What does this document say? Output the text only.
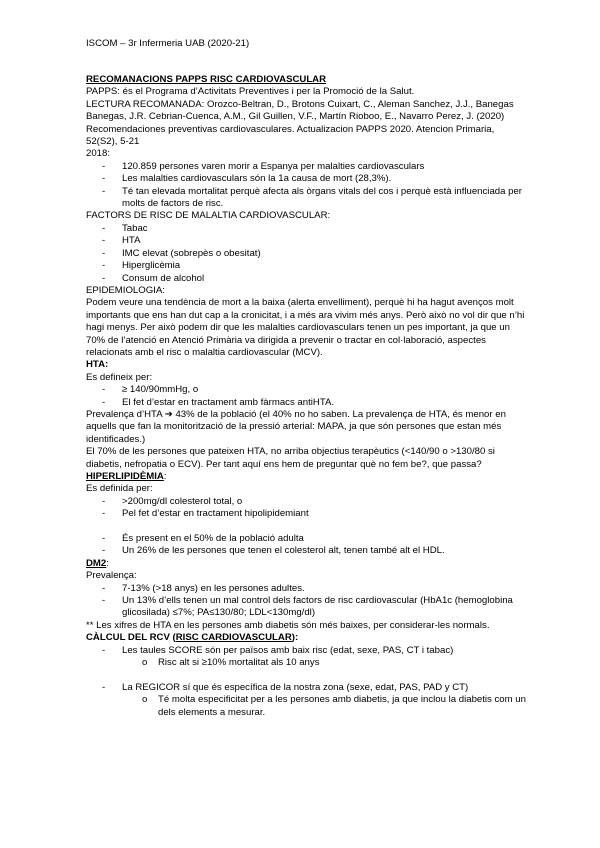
ISCOM – 3r Infermeria UAB (2020-21)

RECOMANACIONS PAPPS RISC CARDIOVASCULAR

PAPPS: és el Programa d’Activitats Preventives i per la Promoció de la Salut.

LECTURA RECOMANADA: Orozco-Beltran, D., Brotons Cuixart, C., Aleman Sanchez, J.J., Banegas Banegas, J.R. Cebrian-Cuenca, A.M., Gil Guillen, V.F., Martín Rioboo, E., Navarro Perez, J. (2020) Recomendaciones preventivas cardiovasculares. Actualizacion PAPPS 2020. Atencion Primaria, 52(S2), 5-21

2018:

- 120.859 persones varen morir a Espanya per malalties cardiovasculars
- Les malalties cardiovasculars són la 1a causa de mort (28,3%).
- Té tan elevada mortalitat perquè afecta als òrgans vitals del cos i perquè està influenciada per molts de factors de risc.

FACTORS DE RISC DE MALALTIA CARDIOVASCULAR:

- Tabac
- HTA
- IMC elevat (sobrepès o obesitat)
- Hiperglicèmia
- Consum de alcohol

EPIDEMIOLOGIA:

Podem veure una tendència de mort a la baixa (alerta envelliment), perquè hi ha hagut avenços molt importants que ens han dut cap a la cronicitat, i a més ara vivim més anys. Però això no vol dir que n’hi hagi menys. Per això podem dir que les malalties cardiovasculars tenen un pes important, ja que un 70% de l’atenció en Atenció Primària va dirigida a prevenir o tractar en col·laboració, aspectes relacionats amb el risc o malaltia cardiovascular (MCV).

HTA:

Es defineix per:

- ≥ 140/90mmHg, o
- El fet d’estar en tractament amb fàrmacs antiHTA.

Prevalença d’HTA ➔ 43% de la població (el 40% no ho saben. La prevalença de HTA, és menor en aquells que fan la monitorització de la pressió arterial: MAPA, ja que són persones que estan més identificades.)

El 70% de les persones que pateixen HTA, no arriba objectius terapèutics (<140/90 o >130/80 si diabetis, nefropatia o ECV). Per tant aquí ens hem de preguntar què no fem be?, que passa?

HIPERLIPIDÈMIA:

Es definida per:

- >200mg/dl colesterol total, o
- Pel fet d’estar en tractament hipolipidemiant
- És present en el 50% de la població adulta
- Un 26% de les persones que tenen el colesterol alt, tenen també alt el HDL.

DM2:

Prevalença:

- 7-13% (>18 anys) en les persones adultes.
- Un 13% d’ells tenen un mal control dels factors de risc cardiovascular (HbA1c (hemoglobina glicosilada) ≤7%; PA≤130/80; LDL<130mg/dl)

** Les xifres de HTA en les persones amb diabetis són més baixes, per considerar-les normals.

CÀLCUL DEL RCV (RISC CARDIOVASCULAR):

- Les taules SCORE són per països amb baix risc (edat, sexe, PAS, CT i tabac)
o Risc alt si ≥10% mortalitat als 10 anys
- La REGICOR sí que és específica de la nostra zona (sexe, edat, PAS, PAD y CT)
o Té molta especificitat per a les persones amb diabetis, ja que inclou la diabetis com un dels elements a mesurar.
